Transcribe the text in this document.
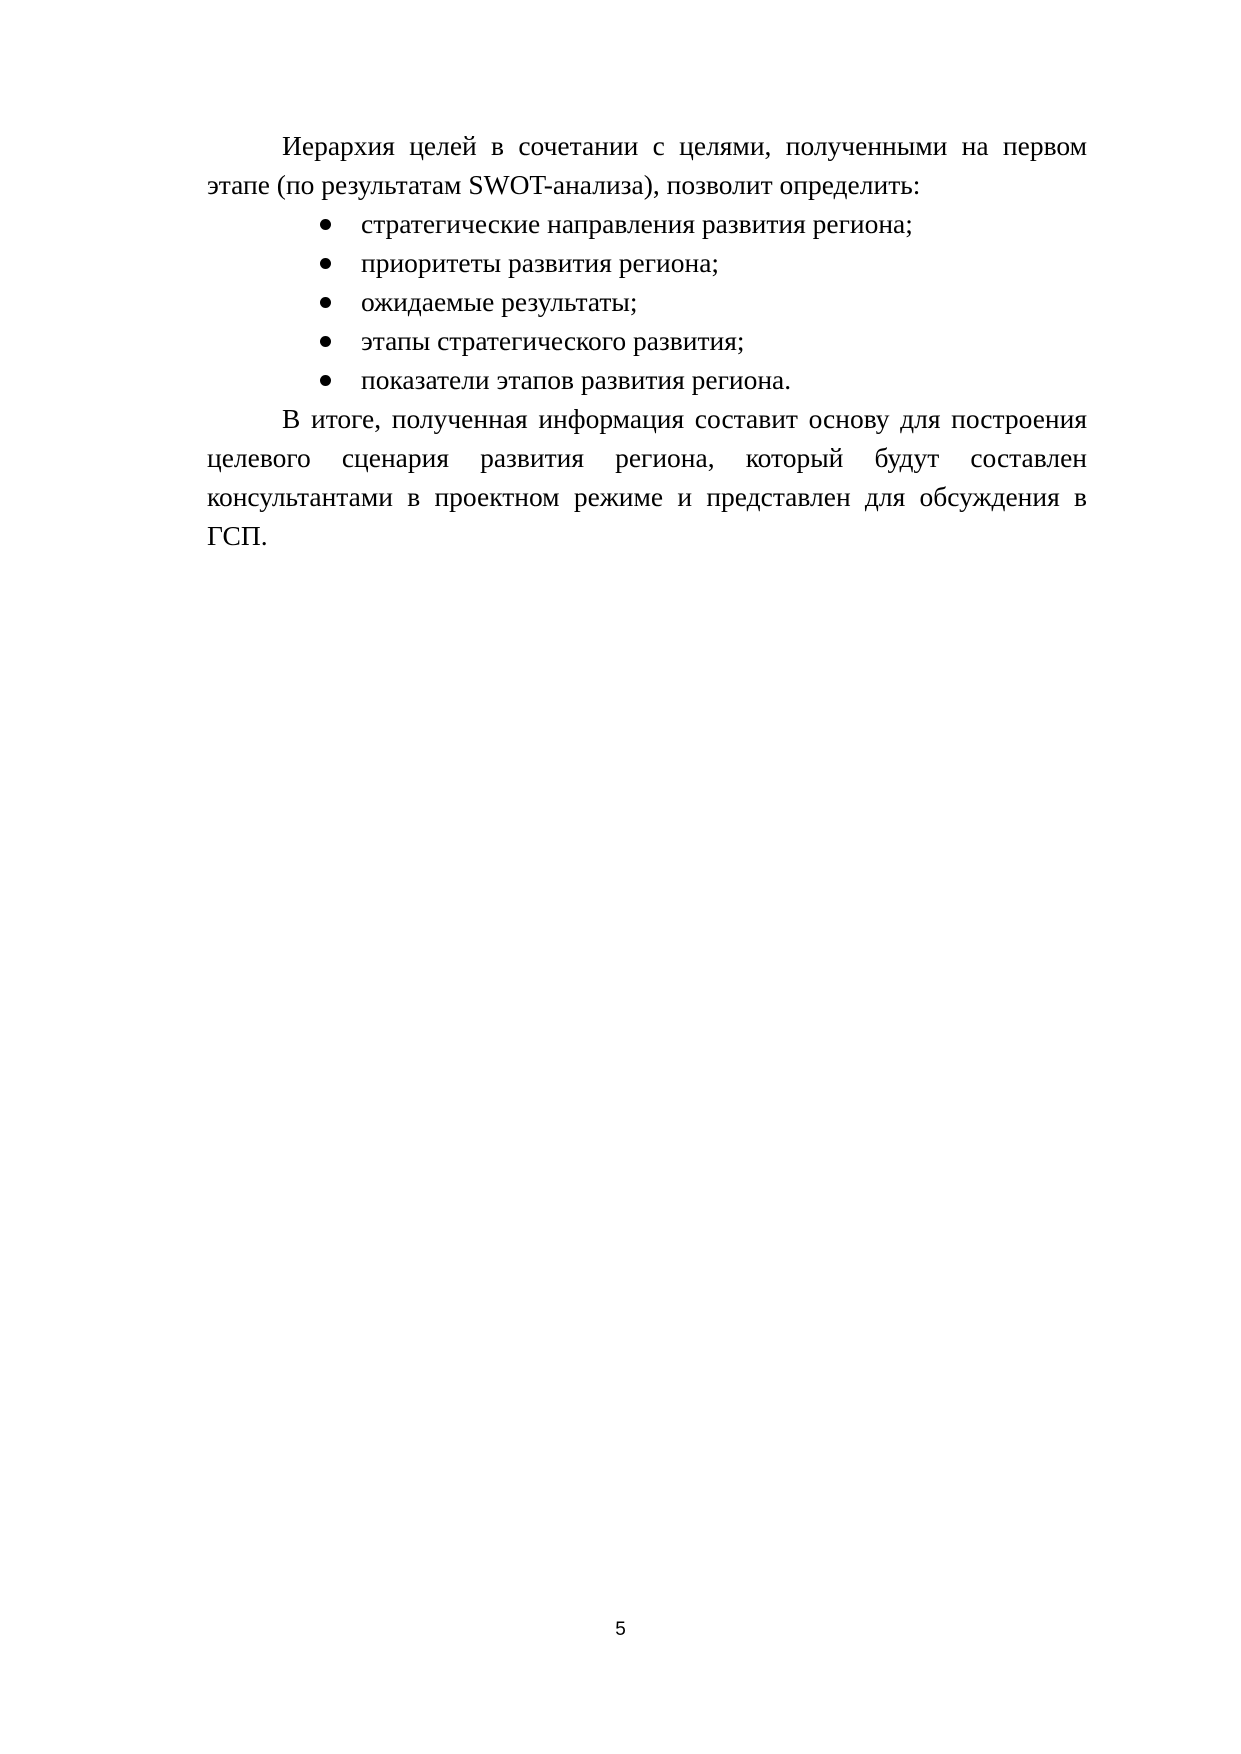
Иерархия целей в сочетании с целями, полученными на первом этапе (по результатам SWOT-анализа), позволит определить:

стратегические направления развития региона;
приоритеты развития региона;
ожидаемые результаты;
этапы стратегического развития;
показатели этапов развития региона.

В итоге, полученная информация составит основу для построения целевого сценария развития региона, который будут составлен консультантами в проектном режиме и представлен для обсуждения в ГСП.

5
